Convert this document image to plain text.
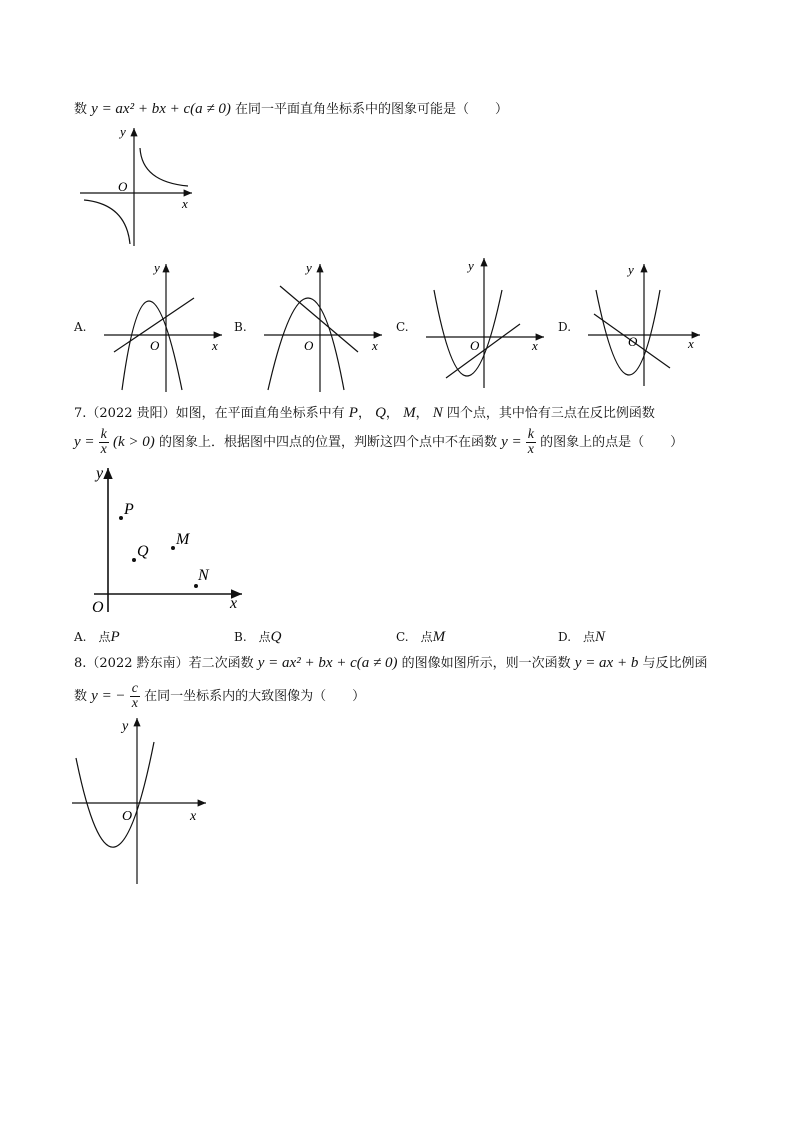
数 y = ax² + bx + c(a ≠ 0) 在同一平面直角坐标系中的图象可能是（　　）
x
y
O
A.
x
y
O
B.
x
y
O
C.
x
y
O
D.
x
y
O
7.（2022 贵阳）如图，在平面直角坐标系中有 P， Q， M， N 四个点，其中恰有三点在反比例函数
$y = \frac{k}{x} (k > 0)$ 的图象上．根据图中四点的位置，判断这四个点中不在函数 $y = \frac{k}{x}$ 的图象上的点是（　　）
P
Q
M
N
x
y
O
A.　 点P	B.　 点Q	C.　 点M	D.　 点N
8.（2022 黔东南）若二次函数 y = ax² + bx + c(a ≠ 0) 的图像如图所示，则一次函数 y = ax + b 与反比例函
数 y = − $\frac{c}{x}$ 在同一坐标系内的大致图像为（　　）
x
y
O
